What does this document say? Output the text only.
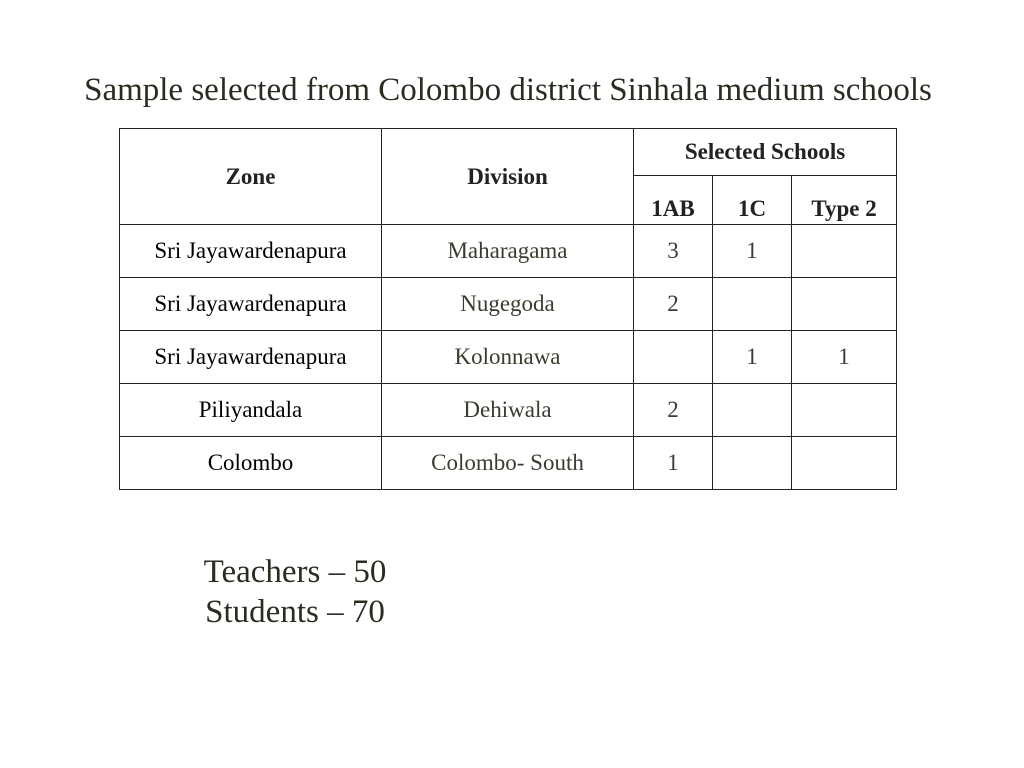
Sample selected from Colombo district Sinhala medium schools
Zone	Division	Selected Schools		
		1AB	1C	Type 2
Sri Jayawardenapura	Maharagama	3	1	
Sri Jayawardenapura	Nugegoda	2		
Sri Jayawardenapura	Kolonnawa		1	1
Piliyandala	Dehiwala	2		
Colombo	Colombo- South	1		
Teachers – 50
Students – 70
